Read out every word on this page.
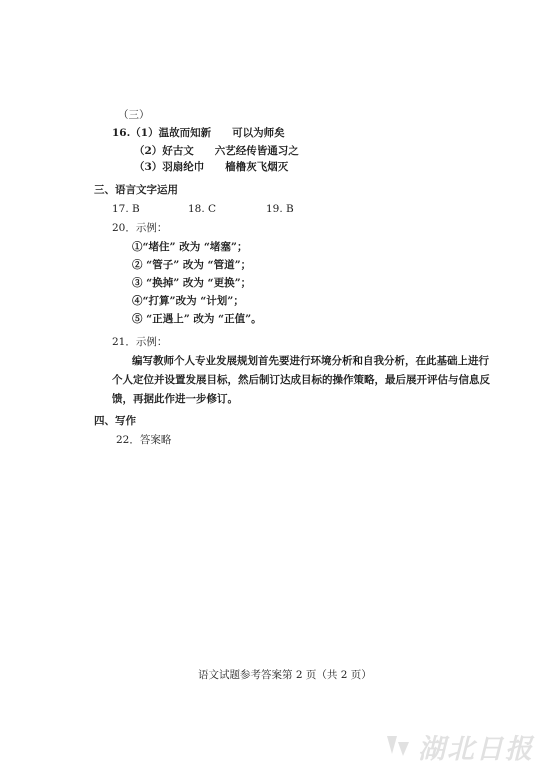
（三）
16.（1）温故而知新　　可以为师矣
（2）好古文　　六艺经传皆通习之
（3）羽扇纶巾　　樯橹灰飞烟灭
三、语言文字运用
17. B	18. C	19. B
20．示例：
①“堵住” 改为 “堵塞”；
② “管子” 改为 “管道”；
③ “换掉” 改为 “更换”；
④“打算”改为 “计划”；
⑤ “正遇上” 改为 “正值”。
21．示例：
编写教师个人专业发展规划首先要进行环境分析和自我分析，在此基础上进行
个人定位并设置发展目标，然后制订达成目标的操作策略，最后展开评估与信息反
馈，再据此作进一步修订。
四、写作
22．答案略
语文试题参考答案第 2 页（共 2 页）
湖北日报
